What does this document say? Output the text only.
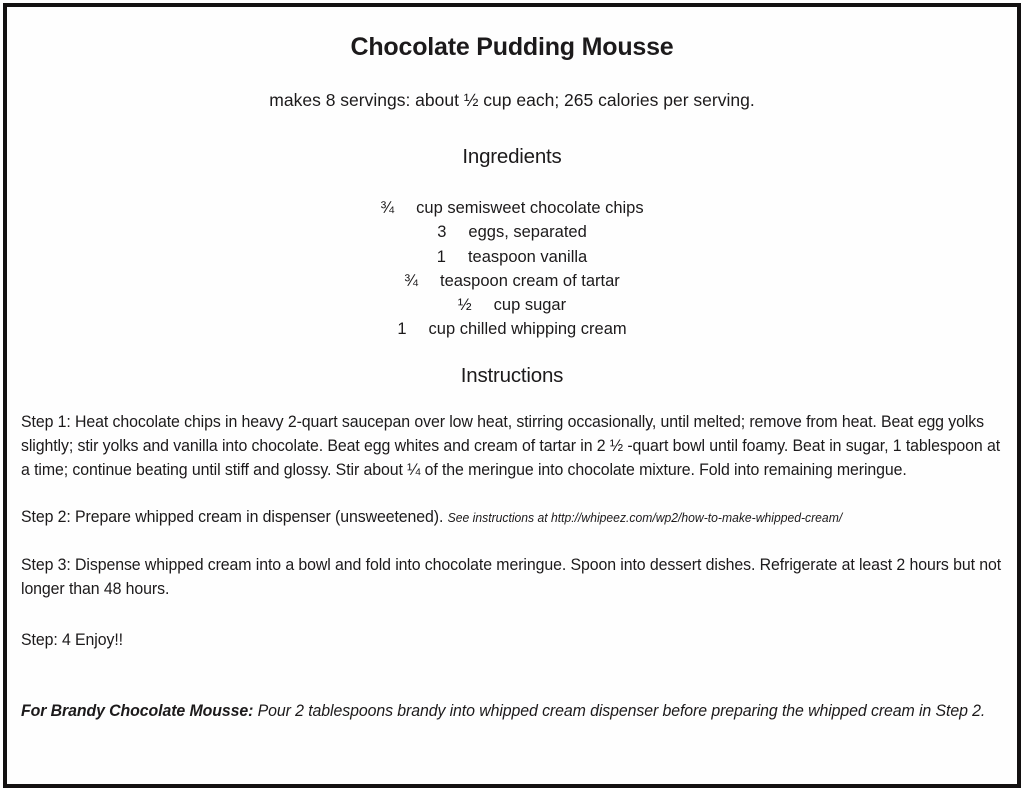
Chocolate Pudding Mousse

makes 8 servings: about ½ cup each; 265 calories per serving.

Ingredients
¾ cup semisweet chocolate chips
3 eggs, separated
1 teaspoon vanilla
¾ teaspoon cream of tartar
½ cup sugar
1 cup chilled whipping cream
Instructions

Step 1: Heat chocolate chips in heavy 2-quart saucepan over low heat, stirring occasionally, until melted; remove from heat. Beat egg yolks slightly; stir yolks and vanilla into chocolate. Beat egg whites and cream of tartar in 2 ½ -quart bowl until foamy. Beat in sugar, 1 tablespoon at a time; continue beating until stiff and glossy. Stir about ¼ of the meringue into chocolate mixture. Fold into remaining meringue.

Step 2: Prepare whipped cream in dispenser (unsweetened). See instructions at http://whipeez.com/wp2/how-to-make-whipped-cream/

Step 3: Dispense whipped cream into a bowl and fold into chocolate meringue. Spoon into dessert dishes. Refrigerate at least 2 hours but not longer than 48 hours.

Step: 4 Enjoy!!

For Brandy Chocolate Mousse: Pour 2 tablespoons brandy into whipped cream dispenser before preparing the whipped cream in Step 2.
